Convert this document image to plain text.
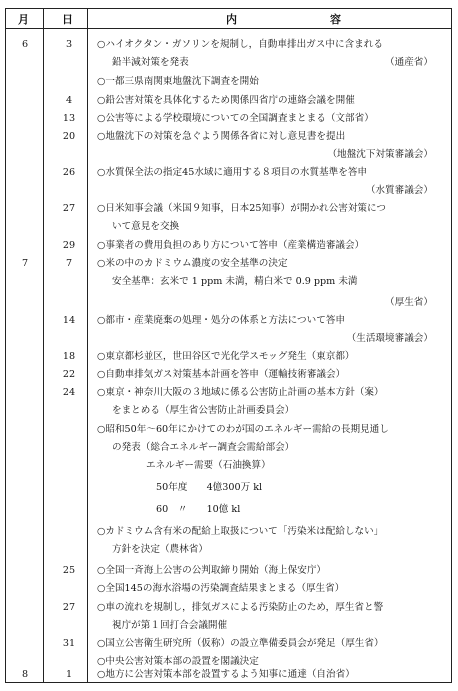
月	日	内	容
6	3	○ハイオクタン・ガソリンを規制し，自動車排出ガス中に含まれる
鉛半減対策を発表	（通産省）
○一都三県南関東地盤沈下調査を開始
4	○鉛公害対策を具体化するため関係四省庁の連絡会議を開催
13	○公害等による学校環境についての全国調査まとまる（文部省）
20	○地盤沈下の対策を急ぐよう関係各省に対し意見書を提出
（地盤沈下対策審議会）
26	○水質保全法の指定45水域に適用する８項目の水質基準を答申
（水質審議会）
27	○日米知事会議（米国９知事，日本25知事）が開かれ公害対策につ
いて意見を交換
29	○事業者の費用負担のあり方について答申（産業構造審議会）
7	7	○米の中のカドミウム濃度の安全基準の決定
安全基準：玄米で 1 ppm 未満，精白米で 0.9 ppm 未満
（厚生省）
14	○都市・産業廃棄の処理・処分の体系と方法について答申
（生活環境審議会）
18	○東京都杉並区，世田谷区で光化学スモッグ発生（東京都）
22	○自動車排気ガス対策基本計画を答申（運輸技術審議会）
24	○東京・神奈川大阪の３地域に係る公害防止計画の基本方針（案）
をまとめる（厚生省公害防止計画委員会）
○昭和50年〜60年にかけてのわが国のエネルギー需給の長期見通し
の発表（総合エネルギー調査会需給部会）
エネルギー需要（石油換算）
50年度　　4億300万 kl
60　〃　　10億 kl
○カドミウム含有米の配給上取扱について「汚染米は配給しない」
方針を決定（農林省）
25	○全国一斉海上公害の公判取締り開始（海上保安庁）
○全国145の海水浴場の汚染調査結果まとまる（厚生省）
27	○車の流れを規制し，排気ガスによる汚染防止のため，厚生省と警
視庁が第１回打合会議開催
31	○国立公害衛生研究所（仮称）の設立準備委員会が発足（厚生省）
○中央公害対策本部の設置を閣議決定
8	1	○地方に公害対策本部を設置するよう知事に通達（自治省）
